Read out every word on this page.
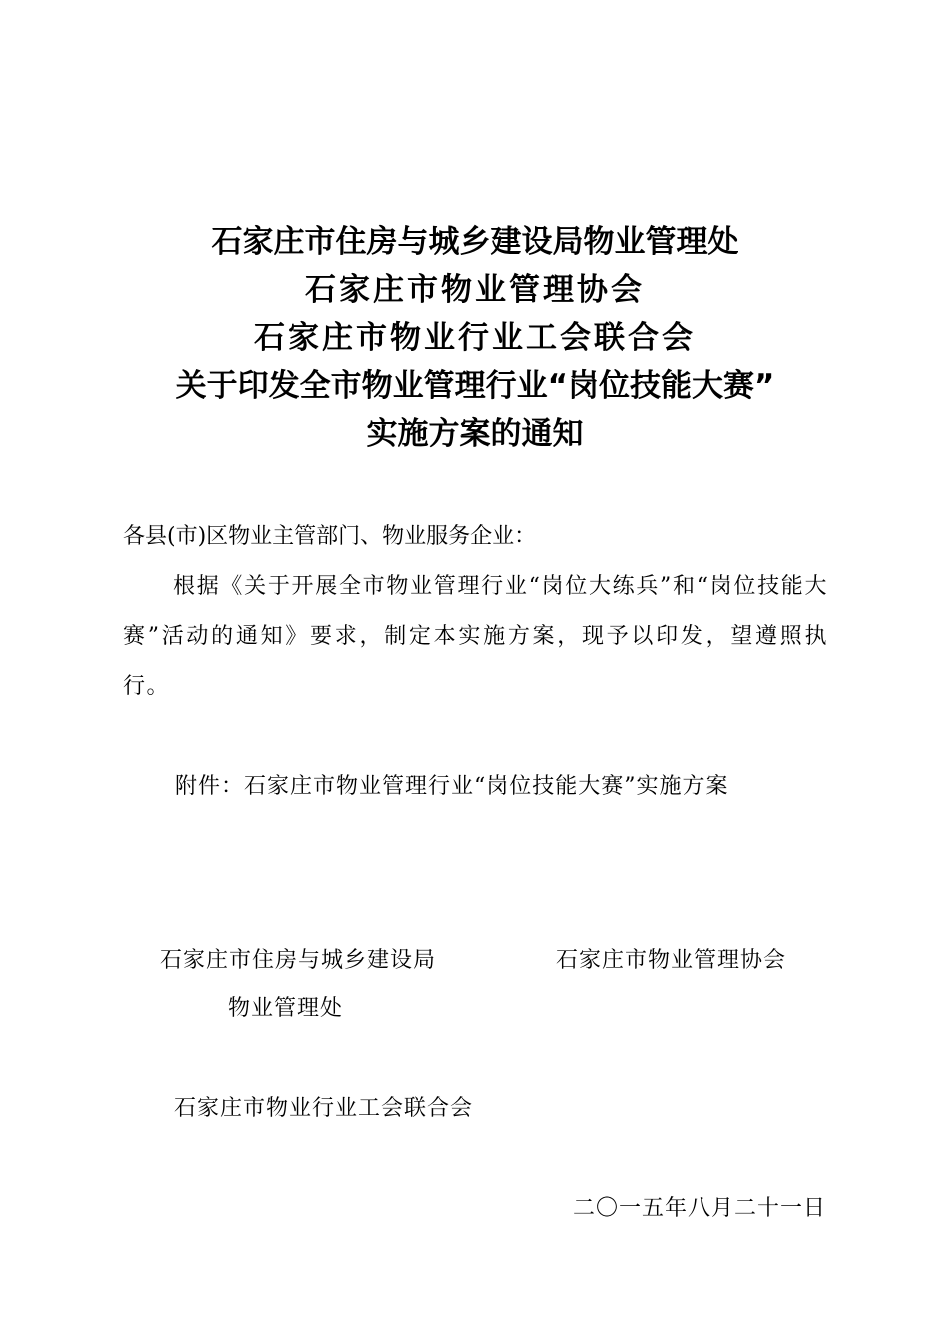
石家庄市住房与城乡建设局物业管理处
石家庄市物业管理协会
石家庄市物业行业工会联合会
关于印发全市物业管理行业“岗位技能大赛”
实施方案的通知
各县(市)区物业主管部门、物业服务企业：
根据《关于开展全市物业管理行业“岗位大练兵”和“岗位技能大赛”活动的通知》要求，制定本实施方案，现予以印发，望遵照执行。
附件：石家庄市物业管理行业“岗位技能大赛”实施方案
石家庄市住房与城乡建设局
物业管理处
石家庄市物业管理协会
石家庄市物业行业工会联合会
二〇一五年八月二十一日
